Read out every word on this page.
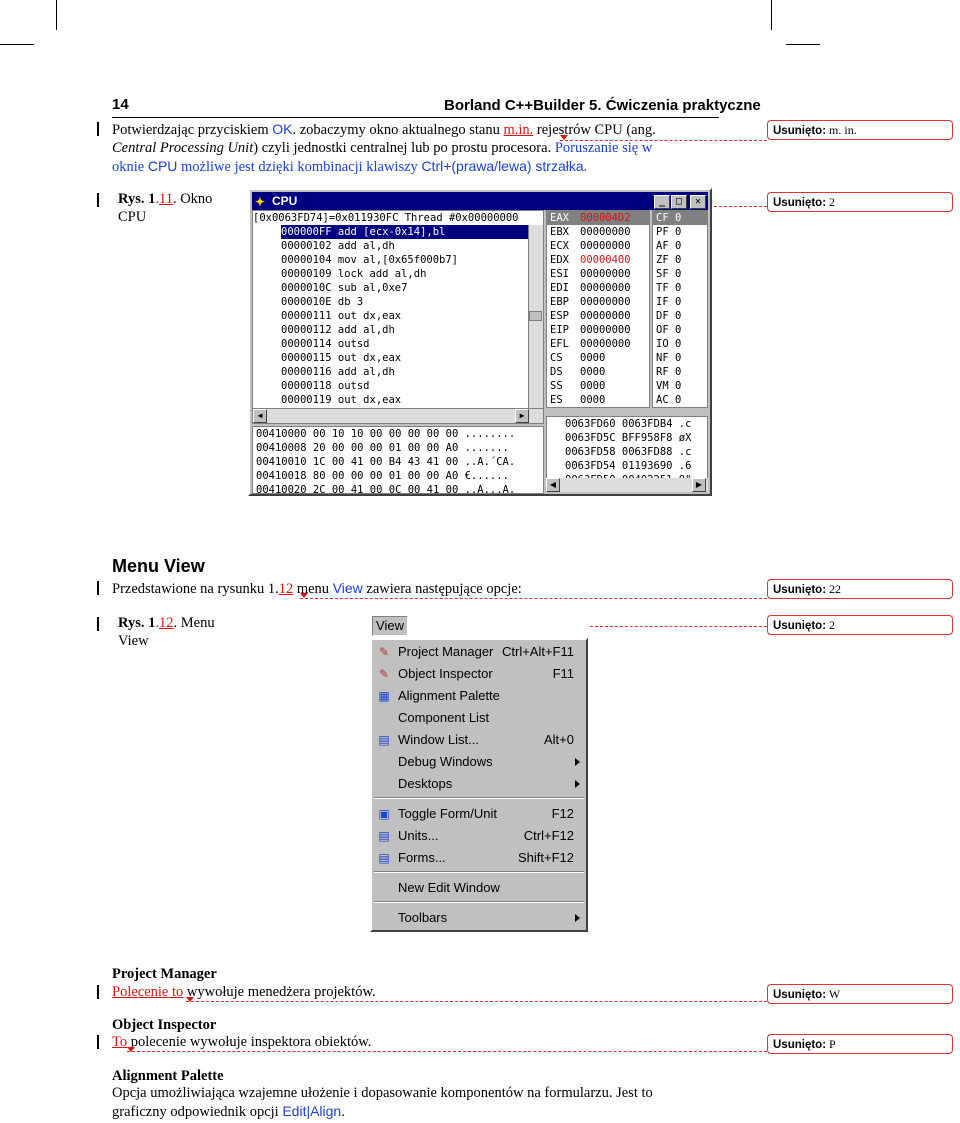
14	Borland C++Builder 5. Ćwiczenia praktyczne
Potwierdzając przyciskiem OK. zobaczymy okno aktualnego stanu m.in. rejestrów CPU (ang.
Central Processing Unit) czyli jednostki centralnej lub po prostu procesora. Poruszanie się w
oknie CPU możliwe jest dzięki kombinacji klawiszy Ctrl+(prawa/lewa) strzałka.
Rys. 1.11. Okno
CPU
✦ CPU	_	□	✕
[0x0063FD74]=0x011930FC Thread #0x00000000
000000FF add [ecx-0x14],bl
00000102 add al,dh
00000104 mov al,[0x65f000b7]
00000109 lock add al,dh
0000010C sub al,0xe7
0000010E db 3
00000111 out dx,eax
00000112 add al,dh
00000114 outsd
00000115 out dx,eax
00000116 add al,dh
00000118 outsd
00000119 out dx,eax
◀	▶
EAX 000004D2
EBX 00000000
ECX 00000000
EDX 00000400
ESI 00000000
EDI 00000000
EBP 00000000
ESP 00000000
EIP 00000000
EFL 00000000
CS 0000
DS 0000
SS 0000
ES 0000
CF 0
PF 0
AF 0
ZF 0
SF 0
TF 0
IF 0
DF 0
OF 0
IO 0
NF 0
RF 0
VM 0
AC 0
00410000 00 10 10 00 00 00 00 00 ........
00410008 20 00 00 00 01 00 00 A0 .......
00410010 1C 00 41 00 B4 43 41 00 ..A.´CA.
00410018 80 00 00 00 01 00 00 A0 €......
00410020 2C 00 41 00 0C 00 41 00 ,.A...A.
0063FD60 0063FDB4 .c
0063FD5C BFF958F8 øX
0063FD58 0063FD88 .c
0063FD54 01193690 .6
◀	▶
Menu View
Przedstawione na rysunku 1.12 menu View zawiera następujące opcje:
Rys. 1.12. Menu
View
View
✎ Project Manager Ctrl+Alt+F11
✎ Object Inspector	F11
▦ Alignment Palette
Component List
▤ Window List...	Alt+0
Debug Windows
Desktops
▣ Toggle Form/Unit	F12
▤ Units...	Ctrl+F12
▤ Forms...	Shift+F12
New Edit Window
Toolbars
Project Manager
Polecenie to wywołuje menedżera projektów.
Object Inspector
To polecenie wywołuje inspektora obiektów.
Alignment Palette
Opcja umożliwiająca wzajemne ułożenie i dopasowanie komponentów na formularzu. Jest to
graficzny odpowiednik opcji Edit|Align.
Usunięto: m. in.
Usunięto: 2
Usunięto: 22
Usunięto: 2
Usunięto: W
Usunięto: P
